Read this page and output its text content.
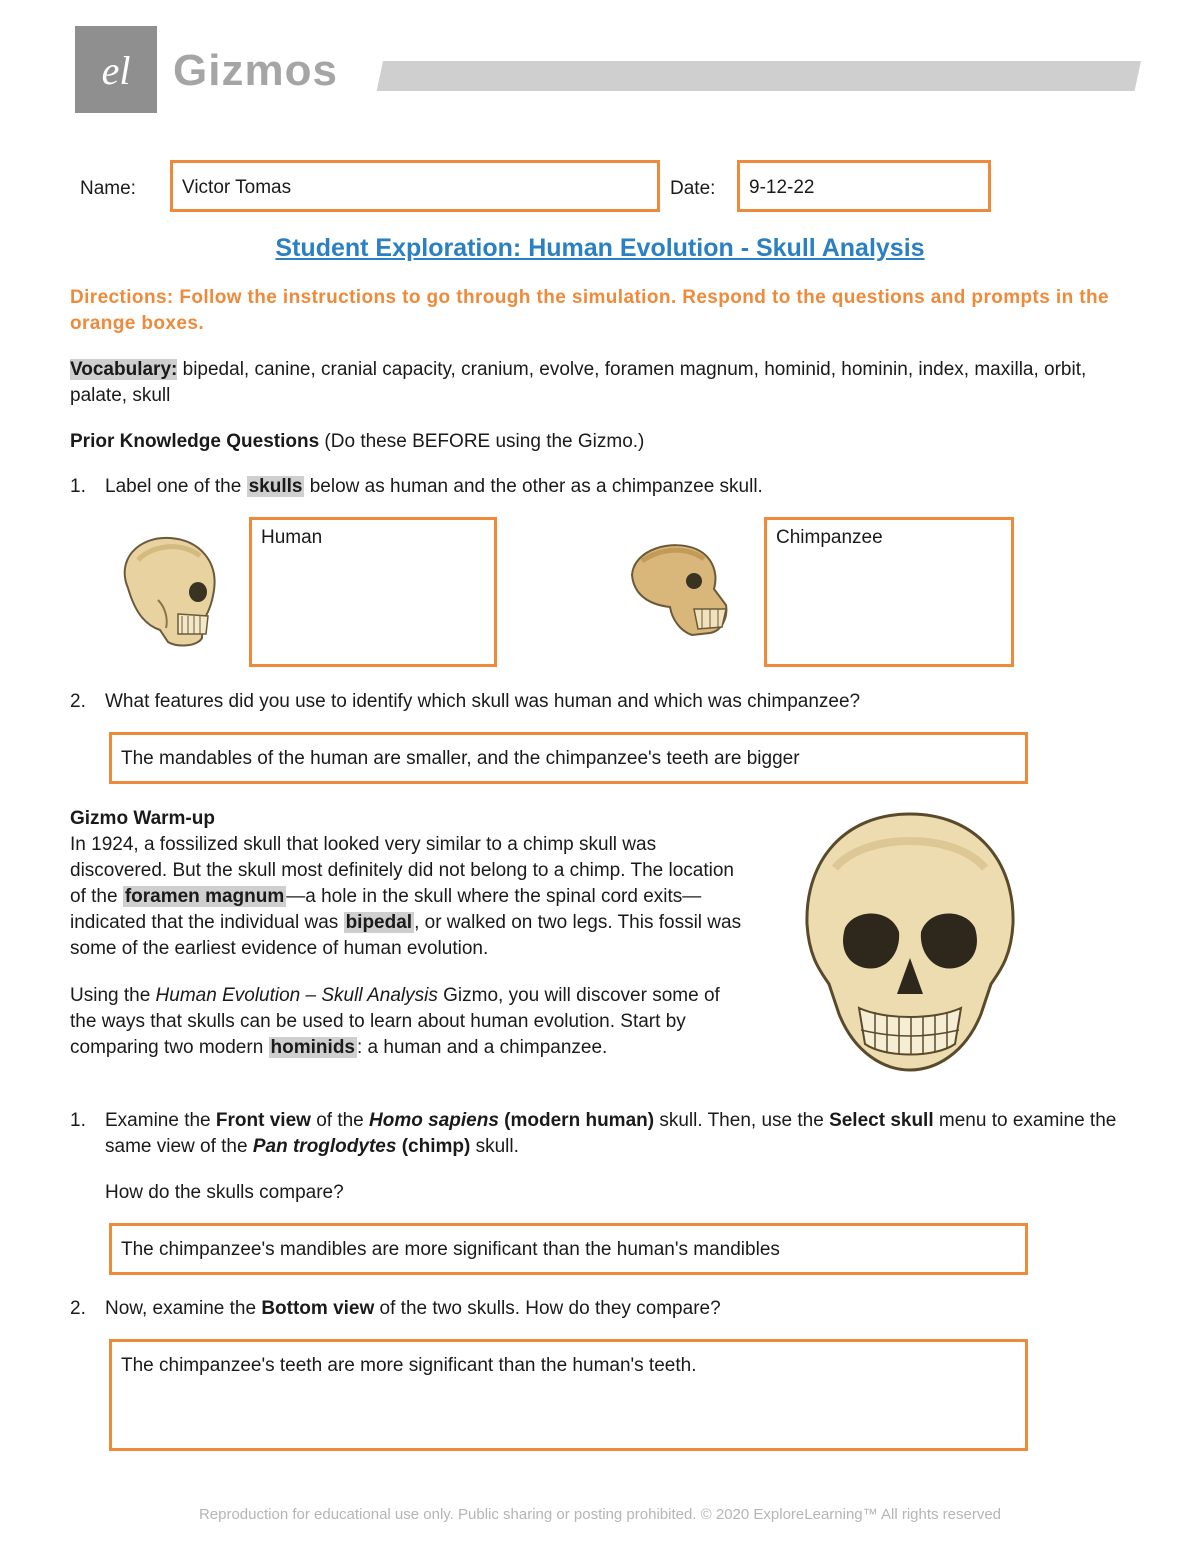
el Gizmos
Name:	Victor Tomas	Date:	9-12-22
Student Exploration: Human Evolution - Skull Analysis
Directions: Follow the instructions to go through the simulation. Respond to the questions and prompts in the orange boxes.
Vocabulary: bipedal, canine, cranial capacity, cranium, evolve, foramen magnum, hominid, hominin, index, maxilla, orbit, palate, skull
Prior Knowledge Questions (Do these BEFORE using the Gizmo.)
1. Label one of the skulls below as human and the other as a chimpanzee skull.
Human	Chimpanzee
2. What features did you use to identify which skull was human and which was chimpanzee?
The mandables of the human are smaller, and the chimpanzee's teeth are bigger
Gizmo Warm-up
In 1924, a fossilized skull that looked very similar to a chimp skull was discovered. But the skull most definitely did not belong to a chimp. The location of the foramen magnum —a hole in the skull where the spinal cord exits—indicated that the individual was bipedal , or walked on two legs. This fossil was some of the earliest evidence of human evolution.
Using the Human Evolution – Skull Analysis Gizmo, you will discover some of the ways that skulls can be used to learn about human evolution. Start by comparing two modern hominids : a human and a chimpanzee.
1. Examine the Front view of the Homo sapiens (modern human) skull. Then, use the Select skull menu to examine the same view of the Pan troglodytes (chimp) skull.
How do the skulls compare?
The chimpanzee's mandibles are more significant than the human's mandibles
2. Now, examine the Bottom view of the two skulls. How do they compare?
The chimpanzee's teeth are more significant than the human's teeth.
Reproduction for educational use only. Public sharing or posting prohibited. © 2020 ExploreLearning™ All rights reserved
